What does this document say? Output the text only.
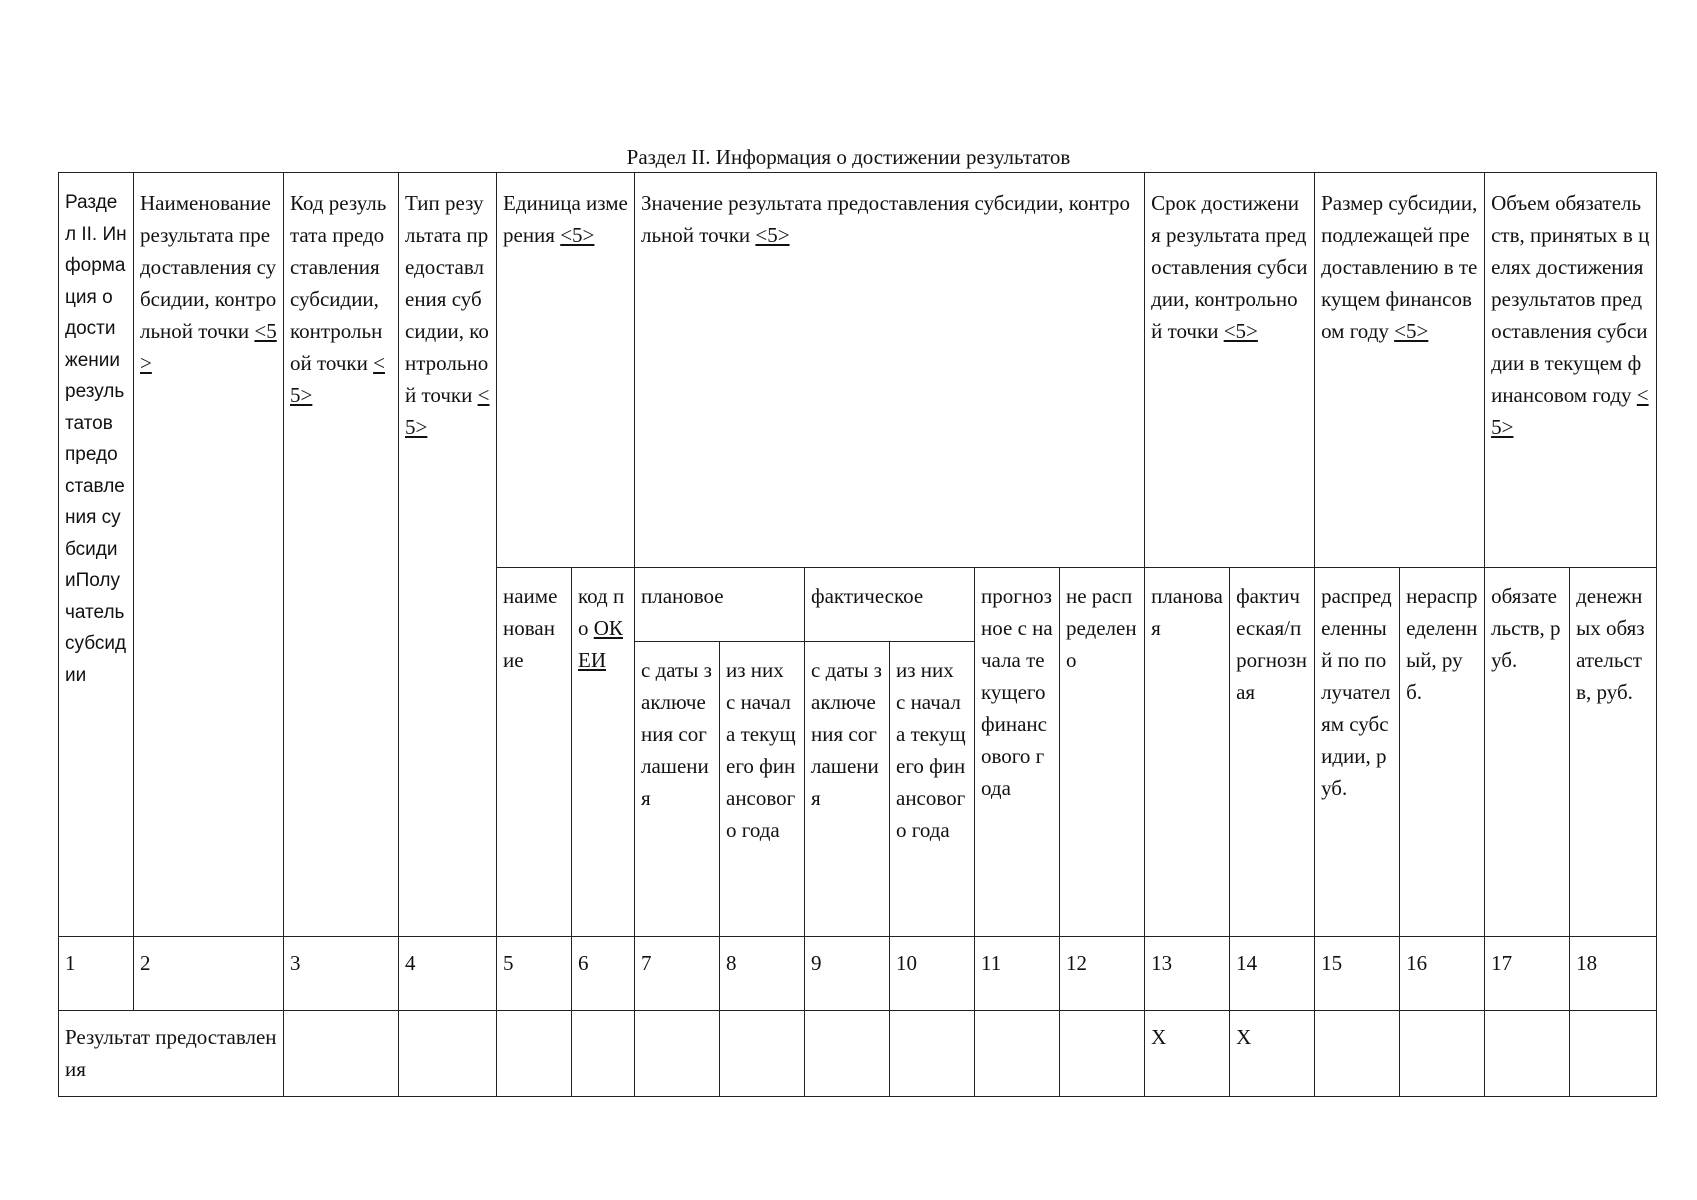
Раздел II. Информация о достижении результатов
Раздел II. Информация о достижении результатов предоставления субсидииПолучатель субсидии	Наименование результата предоставления субсидии, контрольной точки <5>	Код результата предоставления субсидии, контрольной точки <5>	Тип результата предоставления субсидии, контрольной точки <5>	Единица измерения <5>		Значение результата предоставления субсидии, контрольной точки <5>						Срок достижения результата предоставления субсидии, контрольной точки <5>		Размер субсидии, подлежащей предоставлению в текущем финансовом году <5>		Объем обязательств, принятых в целях достижения результатов предоставления субсидии в текущем финансовом году <5>	
				наименование	код по ОКЕИ	плановое		фактическое		прогнозное с начала текущего финансового года	не распределено	плановая	фактическая/прогнозная	распределенный по получателям субсидии, руб.	нераспределенный, руб.	обязательств, руб.	денежных обязательств, руб.
						с даты заключения соглашения	из них с начала текущего финансового года	с даты заключения соглашения	из них с начала текущего финансового года								
1	2	3	4	5	6	7	8	9	10	11	12	13	14	15	16	17	18
Результат предоставления												X	X				
